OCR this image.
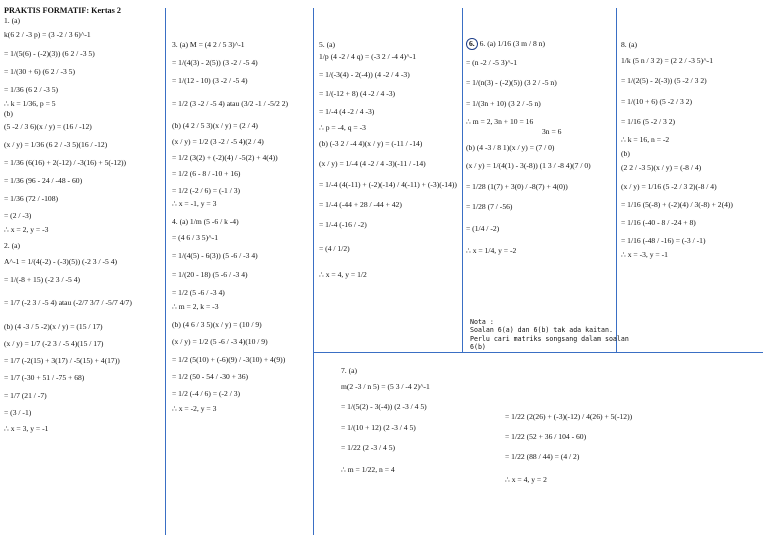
PRAKTIS FORMATIF: Kertas 2
1. (a)
k(6 2 / -3 p) = (3 -2 / 3 6)^-1
= 1/(5(6) - (-2)(3)) (6 2 / -3 5)
= 1/(30 + 6) (6 2 / -3 5)
= 1/36 (6 2 / -3 5)
∴ k = 1/36, p = 5
(b)
(5 -2 / 3 6)(x / y) = (16 / -12)
(x / y) = 1/36 (6 2 / -3 5)(16 / -12)
= 1/36 (6(16) + 2(-12) / -3(16) + 5(-12))
= 1/36 (96 - 24 / -48 - 60)
= 1/36 (72 / -108)
= (2 / -3)
∴ x = 2, y = -3
2. (a)
A^-1 = 1/(4(-2) - (-3)(5)) (-2 3 / -5 4)
= 1/(-8 + 15) (-2 3 / -5 4)
= 1/7 (-2 3 / -5 4) atau (-2/7 3/7 / -5/7 4/7)
(b) (4 -3 / 5 -2)(x / y) = (15 / 17)
(x / y) = 1/7 (-2 3 / -5 4)(15 / 17)
= 1/7 (-2(15) + 3(17) / -5(15) + 4(17))
= 1/7 (-30 + 51 / -75 + 68)
= 1/7 (21 / -7)
= (3 / -1)
∴ x = 3, y = -1
3. (a) M = (4 2 / 5 3)^-1
= 1/(4(3) - 2(5)) (3 -2 / -5 4)
= 1/(12 - 10) (3 -2 / -5 4)
= 1/2 (3 -2 / -5 4) atau (3/2 -1 / -5/2 2)
(b) (4 2 / 5 3)(x / y) = (2 / 4)
(x / y) = 1/2 (3 -2 / -5 4)(2 / 4)
= 1/2 (3(2) + (-2)(4) / -5(2) + 4(4))
= 1/2 (6 - 8 / -10 + 16)
= 1/2 (-2 / 6) = (-1 / 3)
∴ x = -1, y = 3
4. (a) 1/m (5 -6 / k -4)
= (4 6 / 3 5)^-1
= 1/(4(5) - 6(3)) (5 -6 / -3 4)
= 1/(20 - 18) (5 -6 / -3 4)
= 1/2 (5 -6 / -3 4)
∴ m = 2, k = -3
(b) (4 6 / 3 5)(x / y) = (10 / 9)
(x / y) = 1/2 (5 -6 / -3 4)(10 / 9)
= 1/2 (5(10) + (-6)(9) / -3(10) + 4(9))
= 1/2 (50 - 54 / -30 + 36)
= 1/2 (-4 / 6) = (-2 / 3)
∴ x = -2, y = 3
5. (a)
1/p (4 -2 / 4 q) = (-3 2 / -4 4)^-1
= 1/(-3(4) - 2(-4)) (4 -2 / 4 -3)
= 1/(-12 + 8) (4 -2 / 4 -3)
= 1/-4 (4 -2 / 4 -3)
∴ p = -4, q = -3
(b) (-3 2 / -4 4)(x / y) = (-11 / -14)
(x / y) = 1/-4 (4 -2 / 4 -3)(-11 / -14)
= 1/-4 (4(-11) + (-2)(-14) / 4(-11) + (-3)(-14))
= 1/-4 (-44 + 28 / -44 + 42)
= 1/-4 (-16 / -2)
= (4 / 1/2)
∴ x = 4, y = 1/2
6. 6. (a) 1/16 (3 m / 8 n)
= (n -2 / -5 3)^-1
= 1/(n(3) - (-2)(5)) (3 2 / -5 n)
= 1/(3n + 10) (3 2 / -5 n)
∴ m = 2, 3n + 10 = 16
3n = 6
(b) (4 -3 / 8 1)(x / y) = (7 / 0)
(x / y) = 1/(4(1) - 3(-8)) (1 3 / -8 4)(7 / 0)
= 1/28 (1(7) + 3(0) / -8(7) + 4(0))
= 1/28 (7 / -56)
= (1/4 / -2)
∴ x = 1/4, y = -2
Nota :
Soalan 6(a) dan 6(b) tak ada kaitan.
Perlu cari matriks songsang dalam soalan
6(b)
8. (a)
1/k (5 n / 3 2) = (2 2 / -3 5)^-1
= 1/(2(5) - 2(-3)) (5 -2 / 3 2)
= 1/(10 + 6) (5 -2 / 3 2)
= 1/16 (5 -2 / 3 2)
∴ k = 16, n = -2
(b)
(2 2 / -3 5)(x / y) = (-8 / 4)
(x / y) = 1/16 (5 -2 / 3 2)(-8 / 4)
= 1/16 (5(-8) + (-2)(4) / 3(-8) + 2(4))
= 1/16 (-40 - 8 / -24 + 8)
= 1/16 (-48 / -16) = (-3 / -1)
∴ x = -3, y = -1
7. (a)
m(2 -3 / n 5) = (5 3 / -4 2)^-1
= 1/(5(2) - 3(-4)) (2 -3 / 4 5)
= 1/(10 + 12) (2 -3 / 4 5)
= 1/22 (2 -3 / 4 5)
∴ m = 1/22, n = 4
= 1/22 (2(26) + (-3)(-12) / 4(26) + 5(-12))
= 1/22 (52 + 36 / 104 - 60)
= 1/22 (88 / 44) = (4 / 2)
∴ x = 4, y = 2
